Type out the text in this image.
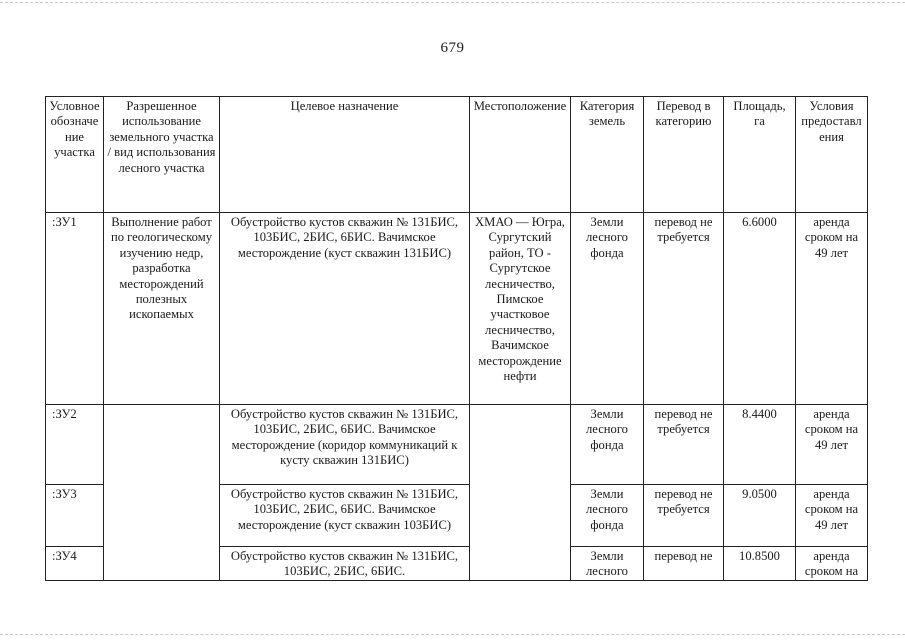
679
Условное обозначение участка	Разрешенное использование земельного участка / вид использования лесного участка	Целевое назначение	Местоположение	Категория земель	Перевод в категорию	Площадь, га	Условия предоставления
:ЗУ1	Выполнение работ по геологическому изучению недр, разработка месторождений полезных ископаемых	Обустройство кустов скважин № 131БИС, 103БИС, 2БИС, 6БИС. Вачимское месторождение (куст скважин 131БИС)	ХМАО — Югра, Сургутский район, ТО - Сургутское лесничество, Пимское участковое лесничество, Вачимское месторождение нефти	Земли лесного фонда	перевод не требуется	6.6000	аренда сроком на 49 лет
:ЗУ2		Обустройство кустов скважин № 131БИС, 103БИС, 2БИС, 6БИС. Вачимское месторождение (коридор коммуникаций к кусту скважин 131БИС)		Земли лесного фонда	перевод не требуется	8.4400	аренда сроком на 49 лет
:ЗУ3		Обустройство кустов скважин № 131БИС, 103БИС, 2БИС, 6БИС. Вачимское месторождение (куст скважин 103БИС)		Земли лесного фонда	перевод не требуется	9.0500	аренда сроком на 49 лет
:ЗУ4		Обустройство кустов скважин № 131БИС, 103БИС, 2БИС, 6БИС.		Земли лесного	перевод не	10.8500	аренда сроком на
